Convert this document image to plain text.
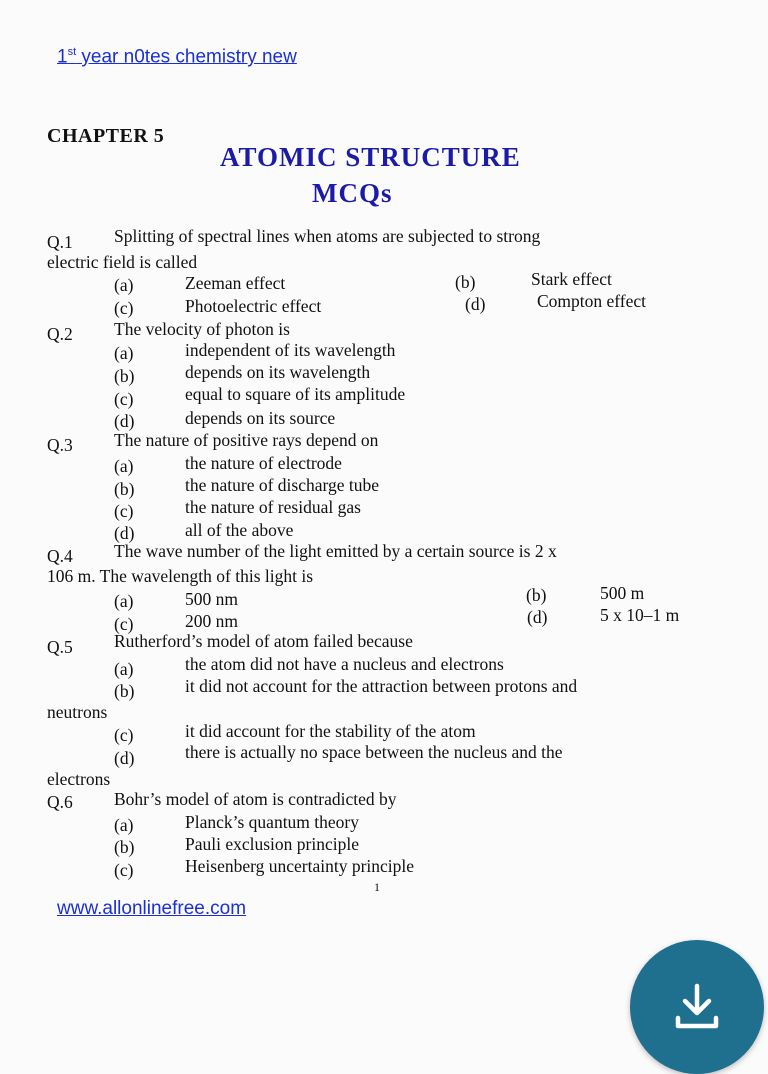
1st year n0tes chemistry new
CHAPTER 5
ATOMIC STRUCTURE
MCQs
Q.1 Splitting of spectral lines when atoms are subjected to strong
electric field is called
(a)	Zeeman effect	(b)	Stark effect
(c)	Photoelectric effect	(d)	Compton effect
Q.2 The velocity of photon is
(a)	independent of its wavelength
(b)	depends on its wavelength
(c)	equal to square of its amplitude
(d)	depends on its source
Q.3 The nature of positive rays depend on
(a)	the nature of electrode
(b)	the nature of discharge tube
(c)	the nature of residual gas
(d)	all of the above
Q.4 The wave number of the light emitted by a certain source is 2 x
106 m. The wavelength of this light is
(a)	500 nm	(b)	500 m
(c)	200 nm	(d)	5 x 10–1 m
Q.5 Rutherford’s model of atom failed because
(a)	the atom did not have a nucleus and electrons
(b)	it did not account for the attraction between protons and
neutrons
(c)	it did account for the stability of the atom
(d)	there is actually no space between the nucleus and the
electrons
Q.6 Bohr’s model of atom is contradicted by
(a)	Planck’s quantum theory
(b)	Pauli exclusion principle
(c)	Heisenberg uncertainty principle
1
www.allonlinefree.com
